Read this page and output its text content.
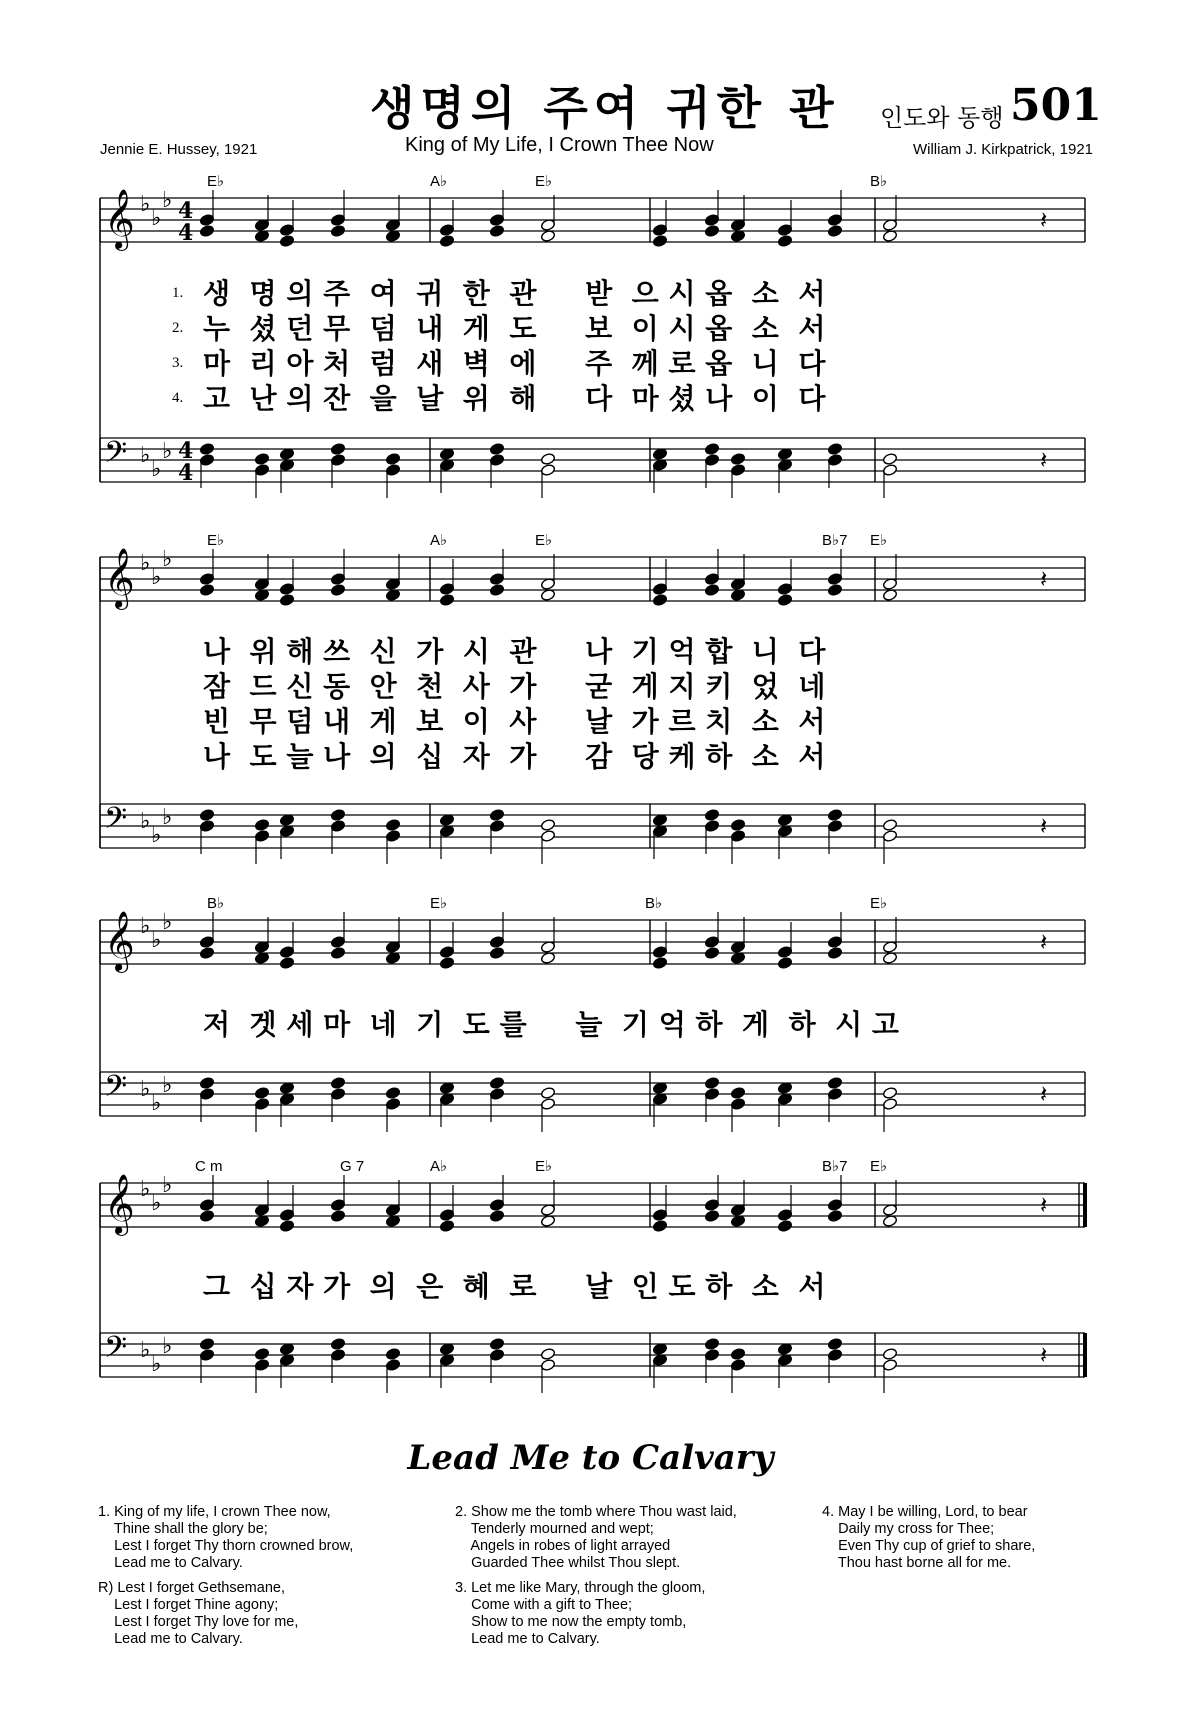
생명의 주여 귀한 관 인도와 동행 501
King of My Life, I Crown Thee Now
Jennie E. Hussey, 1921	William J. Kirkpatrick, 1921
𝄞 ♭
♭
♭ 4
4
𝄢 ♭
♭
♭ 4
4
E♭	A♭	E♭	B♭
𝄽
𝄽
𝄞 ♭
♭
♭
𝄢 ♭
♭
♭
E♭	A♭	E♭	B♭7 E♭
𝄽
𝄽
𝄞 ♭
♭
♭
𝄢 ♭
♭
♭
B♭	E♭	B♭	E♭
𝄽
𝄽
𝄞 ♭
♭
♭
𝄢 ♭
♭
♭
C m	G 7	A♭	E♭	B♭7 E♭
𝄽
𝄽
1. 생  명 의 주  여  귀  한  관     받  으 시 옵  소  서
2. 누  셨 던 무  덤  내  게  도     보  이 시 옵  소  서
3. 마  리 아 처  럼  새  벽  에     주  께 로 옵  니  다
4. 고  난 의 잔  을  날  위  해     다  마 셨 나  이  다
나  위 해 쓰  신  가  시  관     나  기 억 합  니  다
잠  드 신 동  안  천  사  가     굳  게 지 키  었  네
빈  무 덤 내  게  보  이  사     날  가 르 치  소  서
나  도 늘 나  의  십  자  가     감  당 케 하  소  서
저  겟 세 마  네  기  도 를     늘  기 억 하  게  하  시 고
그  십 자 가  의  은  혜  로     날  인 도 하  소  서
Lead Me to Calvary
1. King of my life, I crown Thee now,
Thine shall the glory be;
Lest I forget Thy thorn crowned brow,
Lead me to Calvary.
R) Lest I forget Gethsemane,
Lest I forget Thine agony;
Lest I forget Thy love for me,
Lead me to Calvary.
2. Show me the tomb where Thou wast laid,
Tenderly mourned and wept;
Angels in robes of light arrayed
Guarded Thee whilst Thou slept.
3. Let me like Mary, through the gloom,
Come with a gift to Thee;
Show to me now the empty tomb,
Lead me to Calvary.
4. May I be willing, Lord, to bear
Daily my cross for Thee;
Even Thy cup of grief to share,
Thou hast borne all for me.
